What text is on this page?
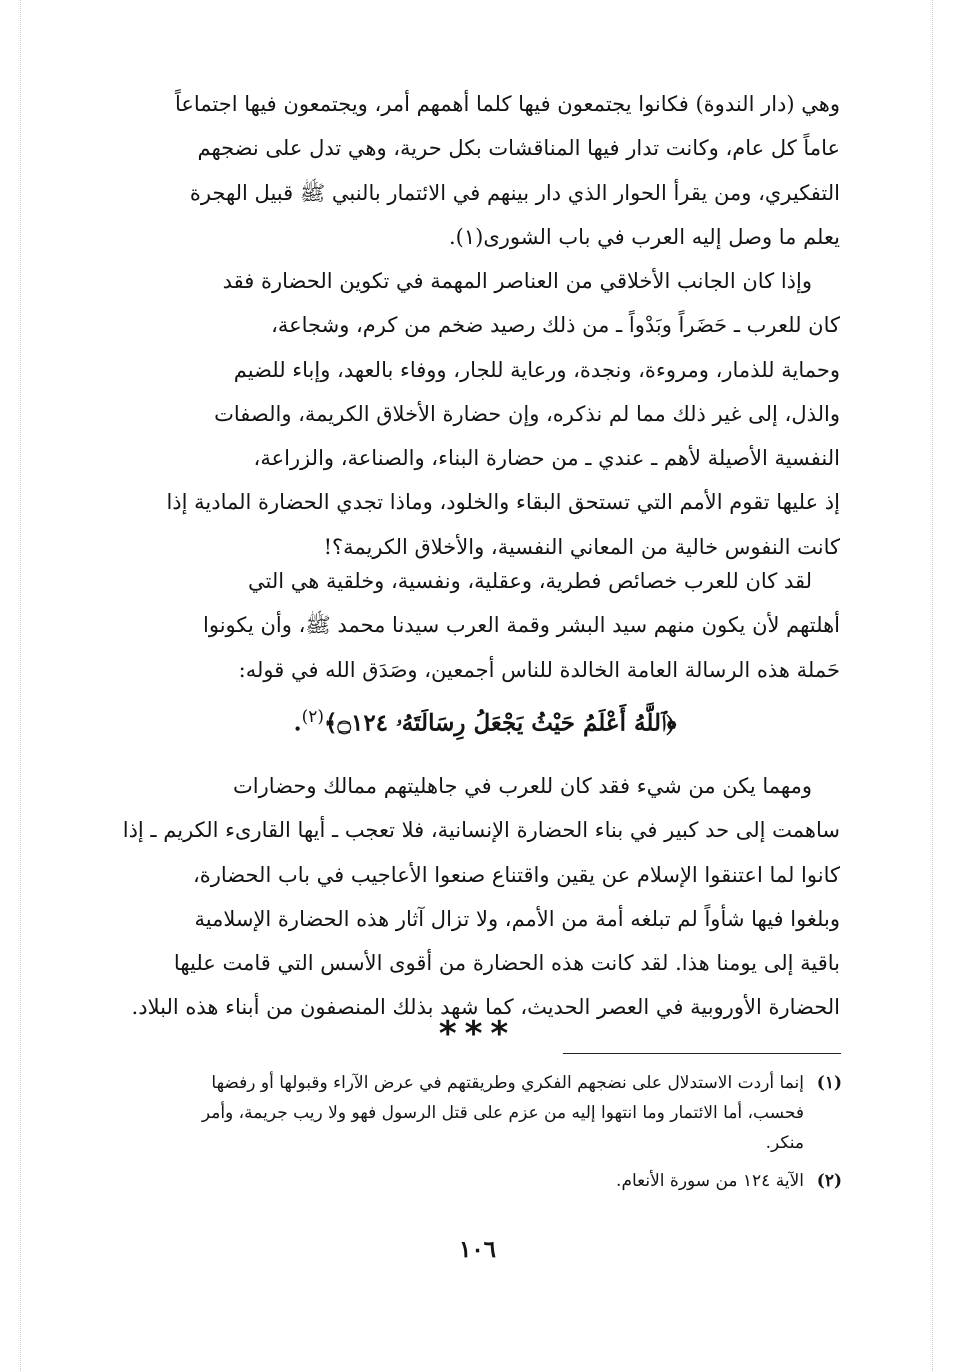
وهي (دار الندوة) فكانوا يجتمعون فيها كلما أهمهم أمر، ويجتمعون فيها اجتماعاً
عاماً كل عام، وكانت تدار فيها المناقشات بكل حرية، وهي تدل على نضجهم
التفكيري، ومن يقرأ الحوار الذي دار بينهم في الائتمار بالنبي ﷺ قبيل الهجرة
يعلم ما وصل إليه العرب في باب الشورى(١).
وإذا كان الجانب الأخلاقي من العناصر المهمة في تكوين الحضارة فقد
كان للعرب ـ حَضَراً وبَدْواً ـ من ذلك رصيد ضخم من كرم، وشجاعة،
وحماية للذمار، ومروءة، ونجدة، ورعاية للجار، ووفاء بالعهد، وإباء للضيم
والذل، إلى غير ذلك مما لم نذكره، وإن حضارة الأخلاق الكريمة، والصفات
النفسية الأصيلة لأهم ـ عندي ـ من حضارة البناء، والصناعة، والزراعة،
إذ عليها تقوم الأمم التي تستحق البقاء والخلود، وماذا تجدي الحضارة المادية إذا
كانت النفوس خالية من المعاني النفسية، والأخلاق الكريمة؟!
لقد كان للعرب خصائص فطرية، وعقلية، ونفسية، وخلقية هي التي
أهلتهم لأن يكون منهم سيد البشر وقمة العرب سيدنا محمد ﷺ، وأن يكونوا
حَملة هذه الرسالة العامة الخالدة للناس أجمعين، وصَدَق الله في قوله:
﴿ٱللَّهُ أَعْلَمُ حَيْثُ يَجْعَلُ رِسَالَتَهُۥ ۝١٢٤﴾$^{(٢)}$.
ومهما يكن من شيء فقد كان للعرب في جاهليتهم ممالك وحضارات
ساهمت إلى حد كبير في بناء الحضارة الإنسانية، فلا تعجب ـ أيها القارىء الكريم ـ إذا
كانوا لما اعتنقوا الإسلام عن يقين واقتناع صنعوا الأعاجيب في باب الحضارة،
وبلغوا فيها شأواً لم تبلغه أمة من الأمم، ولا تزال آثار هذه الحضارة الإسلامية
باقية إلى يومنا هذا. لقد كانت هذه الحضارة من أقوى الأسس التي قامت عليها
الحضارة الأوروبية في العصر الحديث، كما شهد بذلك المنصفون من أبناء هذه البلاد.
***
(١)
إنما أردت الاستدلال على نضجهم الفكري وطريقتهم في عرض الآراء وقبولها أو رفضها
فحسب، أما الائتمار وما انتهوا إليه من عزم على قتل الرسول فهو ولا ريب جريمة، وأمر
منكر.
(٢)
الآية ١٢٤ من سورة الأنعام.
١٠٦
